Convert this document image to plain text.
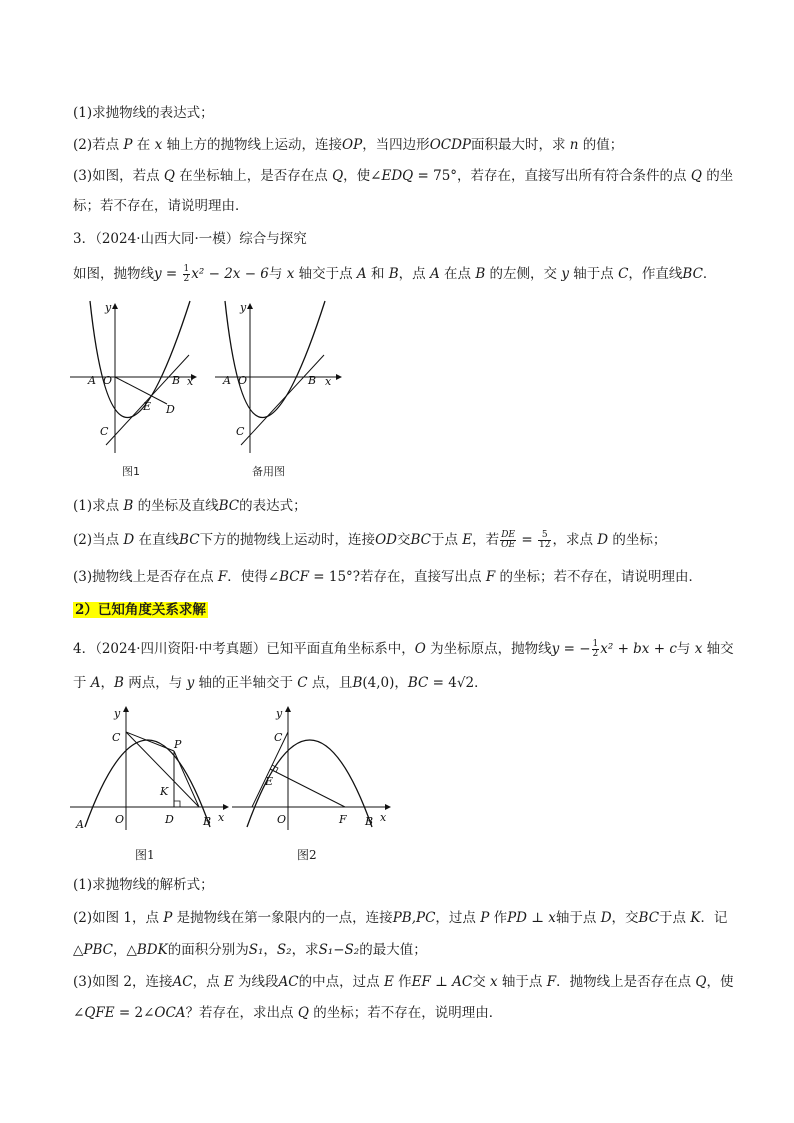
(1)求抛物线的表达式；
(2)若点 P 在 x 轴上方的抛物线上运动，连接OP，当四边形OCDP面积最大时，求 n 的值；
(3)如图，若点 Q 在坐标轴上，是否存在点 Q，使∠EDQ = 75°，若存在，直接写出所有符合条件的点 Q 的坐
标；若不存在，请说明理由．
3．（2024·山西大同·一模）综合与探究
如图，抛物线$y = \frac{1}{2} x^2 - 2x - 6$与 x 轴交于点 A 和 B，点 A 在点 B 的左侧，交 y 轴于点 C，作直线BC．
A O	B x
y
E D
C
图1
A O	B x
y
C
备用图
(1)求点 B 的坐标及直线BC的表达式；
(2)当点 D 在直线BC下方的抛物线上运动时，连接OD交BC于点 E，若 $\frac{DE}{OE} = \frac{5}{12}$ ，求点 D 的坐标；
(3)抛物线上是否存在点 F．使得∠BCF = 15°?若存在，直接写出点 F 的坐标；若不存在，请说明理由．
2）已知角度关系求解
4．（2024·四川资阳·中考真题）已知平面直角坐标系中，O 为坐标原点，抛物线y = − $\frac{1}{2} x^2$ + bx + c与 x 轴交
于 A，B 两点，与 y 轴的正半轴交于 C 点，且B(4,0)，BC = 4√2．
C
P
K
A	O	D	B x
y
图1
C
E
O	F B x
y
图2
(1)求抛物线的解析式；
(2)如图 1，点 P 是抛物线在第一象限内的一点，连接PB,PC，过点 P 作PD ⊥ x轴于点 D，交BC于点 K．记
△PBC，△BDK的面积分别为S₁，S₂，求S₁−S₂的最大值；
(3)如图 2，连接AC，点 E 为线段AC的中点，过点 E 作EF ⊥ AC交 x 轴于点 F．抛物线上是否存在点 Q，使
∠QFE = 2∠OCA？若存在，求出点 Q 的坐标；若不存在，说明理由．
